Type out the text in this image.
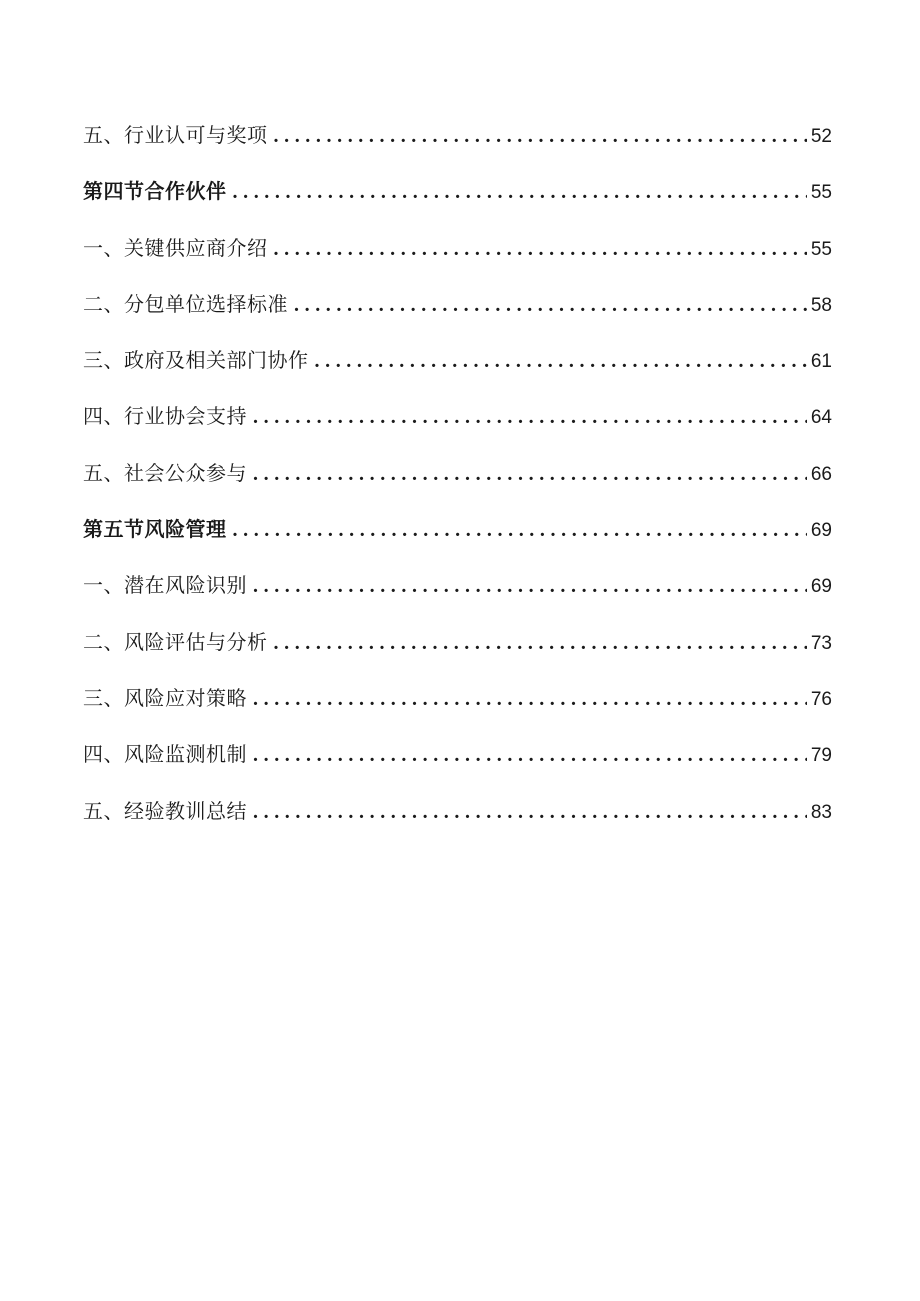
五、行业认可与奖项 .....	52
第四节合作伙伴 .....	55
一、关键供应商介绍 .....	55
二、分包单位选择标准 .....	58
三、政府及相关部门协作 .....	61
四、行业协会支持 .....	64
五、社会公众参与 .....	66
第五节风险管理 .....	69
一、潜在风险识别 .....	69
二、风险评估与分析 .....	73
三、风险应对策略 .....	76
四、风险监测机制 .....	79
五、经验教训总结 .....	83
